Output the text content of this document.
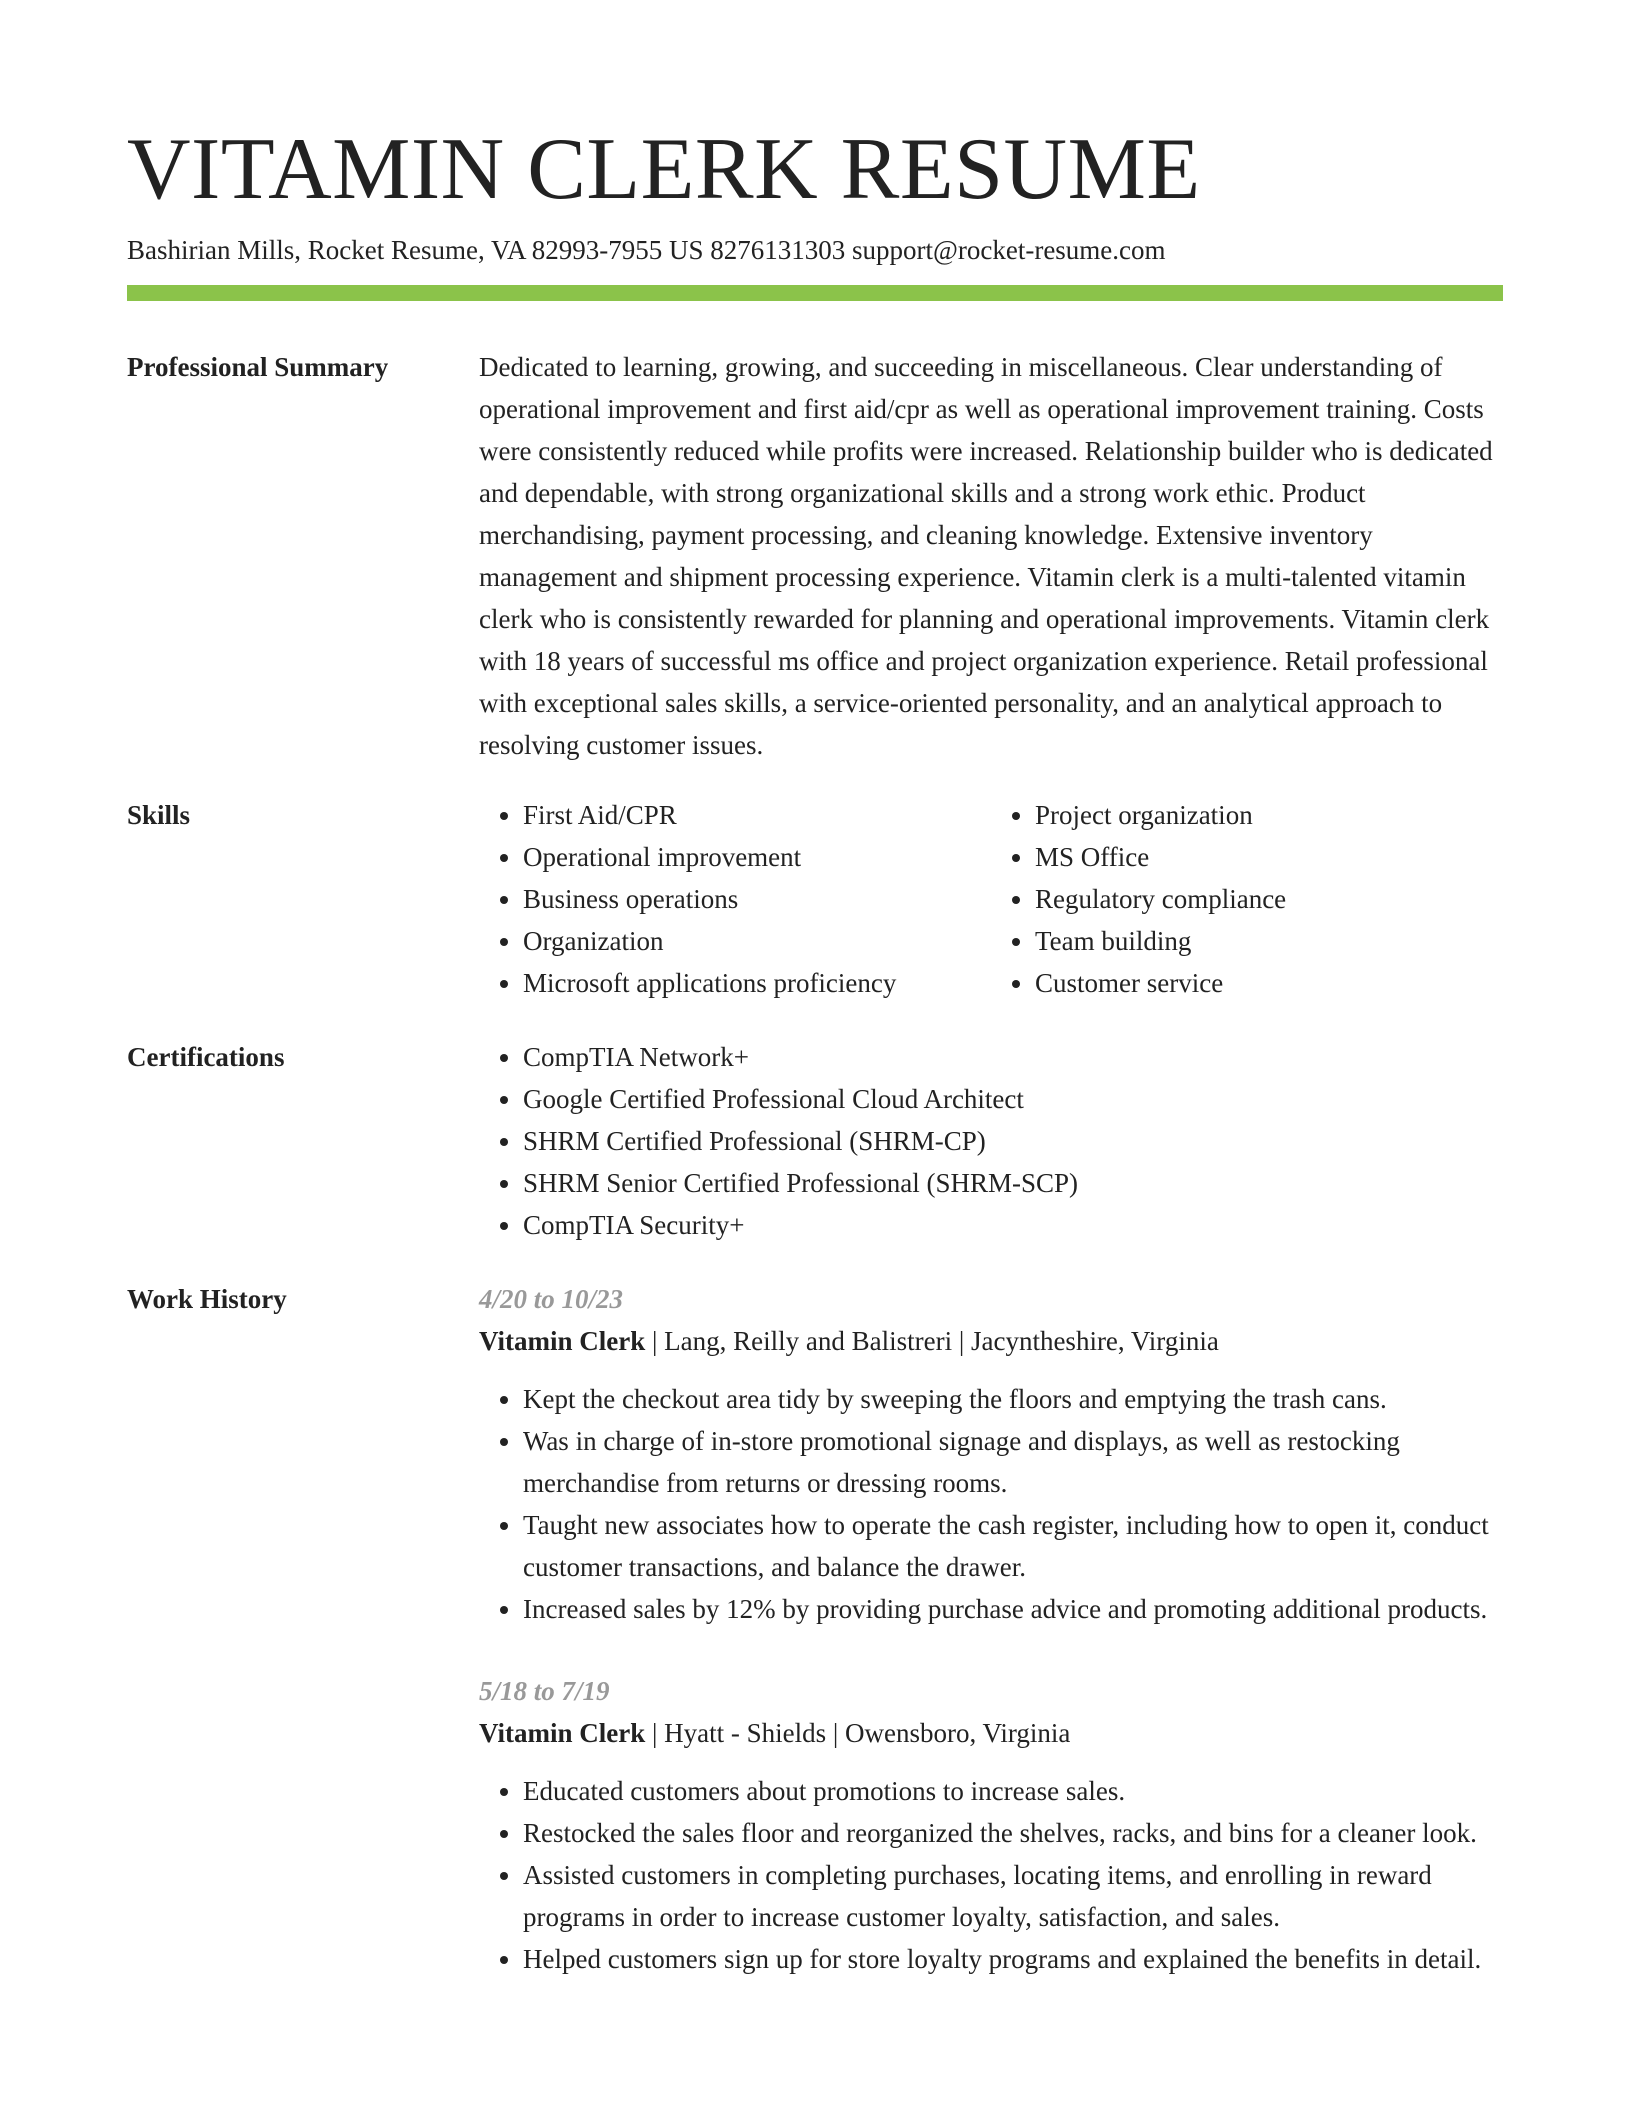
VITAMIN CLERK RESUME
Bashirian Mills, Rocket Resume, VA 82993-7955 US 8276131303 support@rocket-resume.com
Professional Summary	Dedicated to learning, growing, and succeeding in miscellaneous. Clear understanding of operational improvement and first aid/cpr as well as operational improvement training. Costs were consistently reduced while profits were increased. Relationship builder who is dedicated and dependable, with strong organizational skills and a strong work ethic. Product merchandising, payment processing, and cleaning knowledge. Extensive inventory management and shipment processing experience. Vitamin clerk is a multi-talented vitamin clerk who is consistently rewarded for planning and operational improvements. Vitamin clerk with 18 years of successful ms office and project organization experience. Retail professional with exceptional sales skills, a service-oriented personality, and an analytical approach to resolving customer issues.

Skills	• First Aid/CPR
• Operational improvement
• Business operations
• Organization
• Microsoft applications proficiency
• Project organization
• MS Office
• Regulatory compliance
• Team building
• Customer service
Certifications	• CompTIA Network+
• Google Certified Professional Cloud Architect
• SHRM Certified Professional (SHRM-CP)
• SHRM Senior Certified Professional (SHRM-SCP)
• CompTIA Security+
Work History	4/20 to 10/23
Vitamin Clerk | Lang, Reilly and Balistreri | Jacyntheshire, Virginia
• Kept the checkout area tidy by sweeping the floors and emptying the trash cans.
• Was in charge of in-store promotional signage and displays, as well as restocking merchandise from returns or dressing rooms.
• Taught new associates how to operate the cash register, including how to open it, conduct customer transactions, and balance the drawer.
• Increased sales by 12% by providing purchase advice and promoting additional products.
5/18 to 7/19
Vitamin Clerk | Hyatt - Shields | Owensboro, Virginia
• Educated customers about promotions to increase sales.
• Restocked the sales floor and reorganized the shelves, racks, and bins for a cleaner look.
• Assisted customers in completing purchases, locating items, and enrolling in reward programs in order to increase customer loyalty, satisfaction, and sales.
• Helped customers sign up for store loyalty programs and explained the benefits in detail.
